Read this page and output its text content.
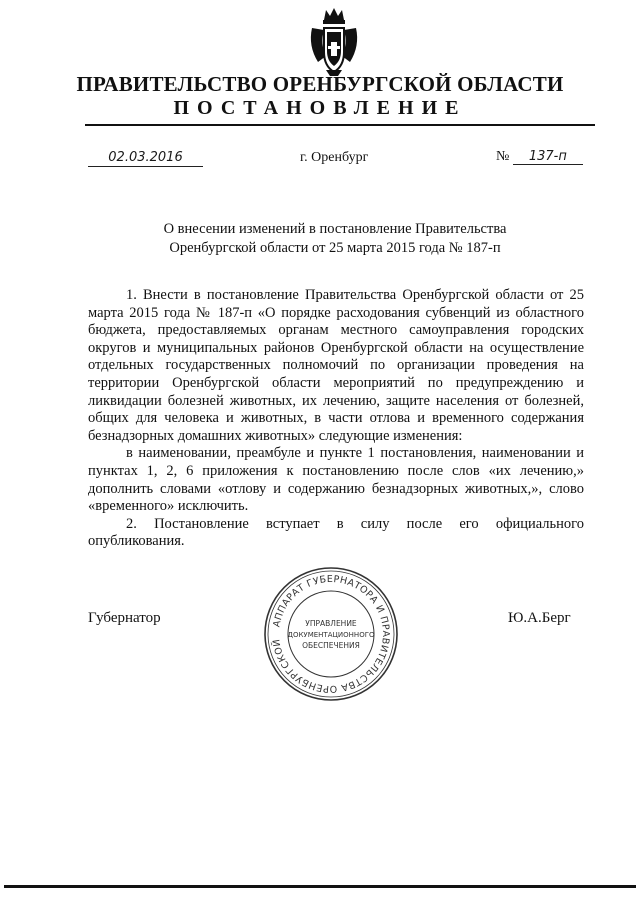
ПРАВИТЕЛЬСТВО ОРЕНБУРГСКОЙ ОБЛАСТИ
ПОСТАНОВЛЕНИЕ
02.03.2016	г. Оренбург	№ 137-п
О внесении изменений в постановление Правительства
Оренбургской области от 25 марта 2015 года № 187-п

1. Внести в постановление Правительства Оренбургской области от 25 марта 2015 года № 187-п «О порядке расходования субвенций из областного бюджета, предоставляемых органам местного самоуправления городских округов и муниципальных районов Оренбургской области на осуществление отдельных государственных полномочий по организации проведения на территории Оренбургской области мероприятий по предупреждению и ликвидации болезней животных, их лечению, защите населения от болезней, общих для человека и животных, в части отлова и временного содержания безнадзорных домашних животных» следующие изменения:

в наименовании, преамбуле и пункте 1 постановления, наименовании и пунктах 1, 2, 6 приложения к постановлению после слов «их лечению,» дополнить словами «отлову и содержанию безнадзорных животных,», слово «временного» исключить.

2. Постановление вступает в силу после его официального опубликования.

Губернатор	Ю.А.Берг
АППАРАТ ГУБЕРНАТОРА И ПРАВИТЕЛЬСТВА ОРЕНБУРГСКОЙ
УПРАВЛЕНИЕ
ДОКУМЕНТАЦИОННОГО
ОБЕСПЕЧЕНИЯ
